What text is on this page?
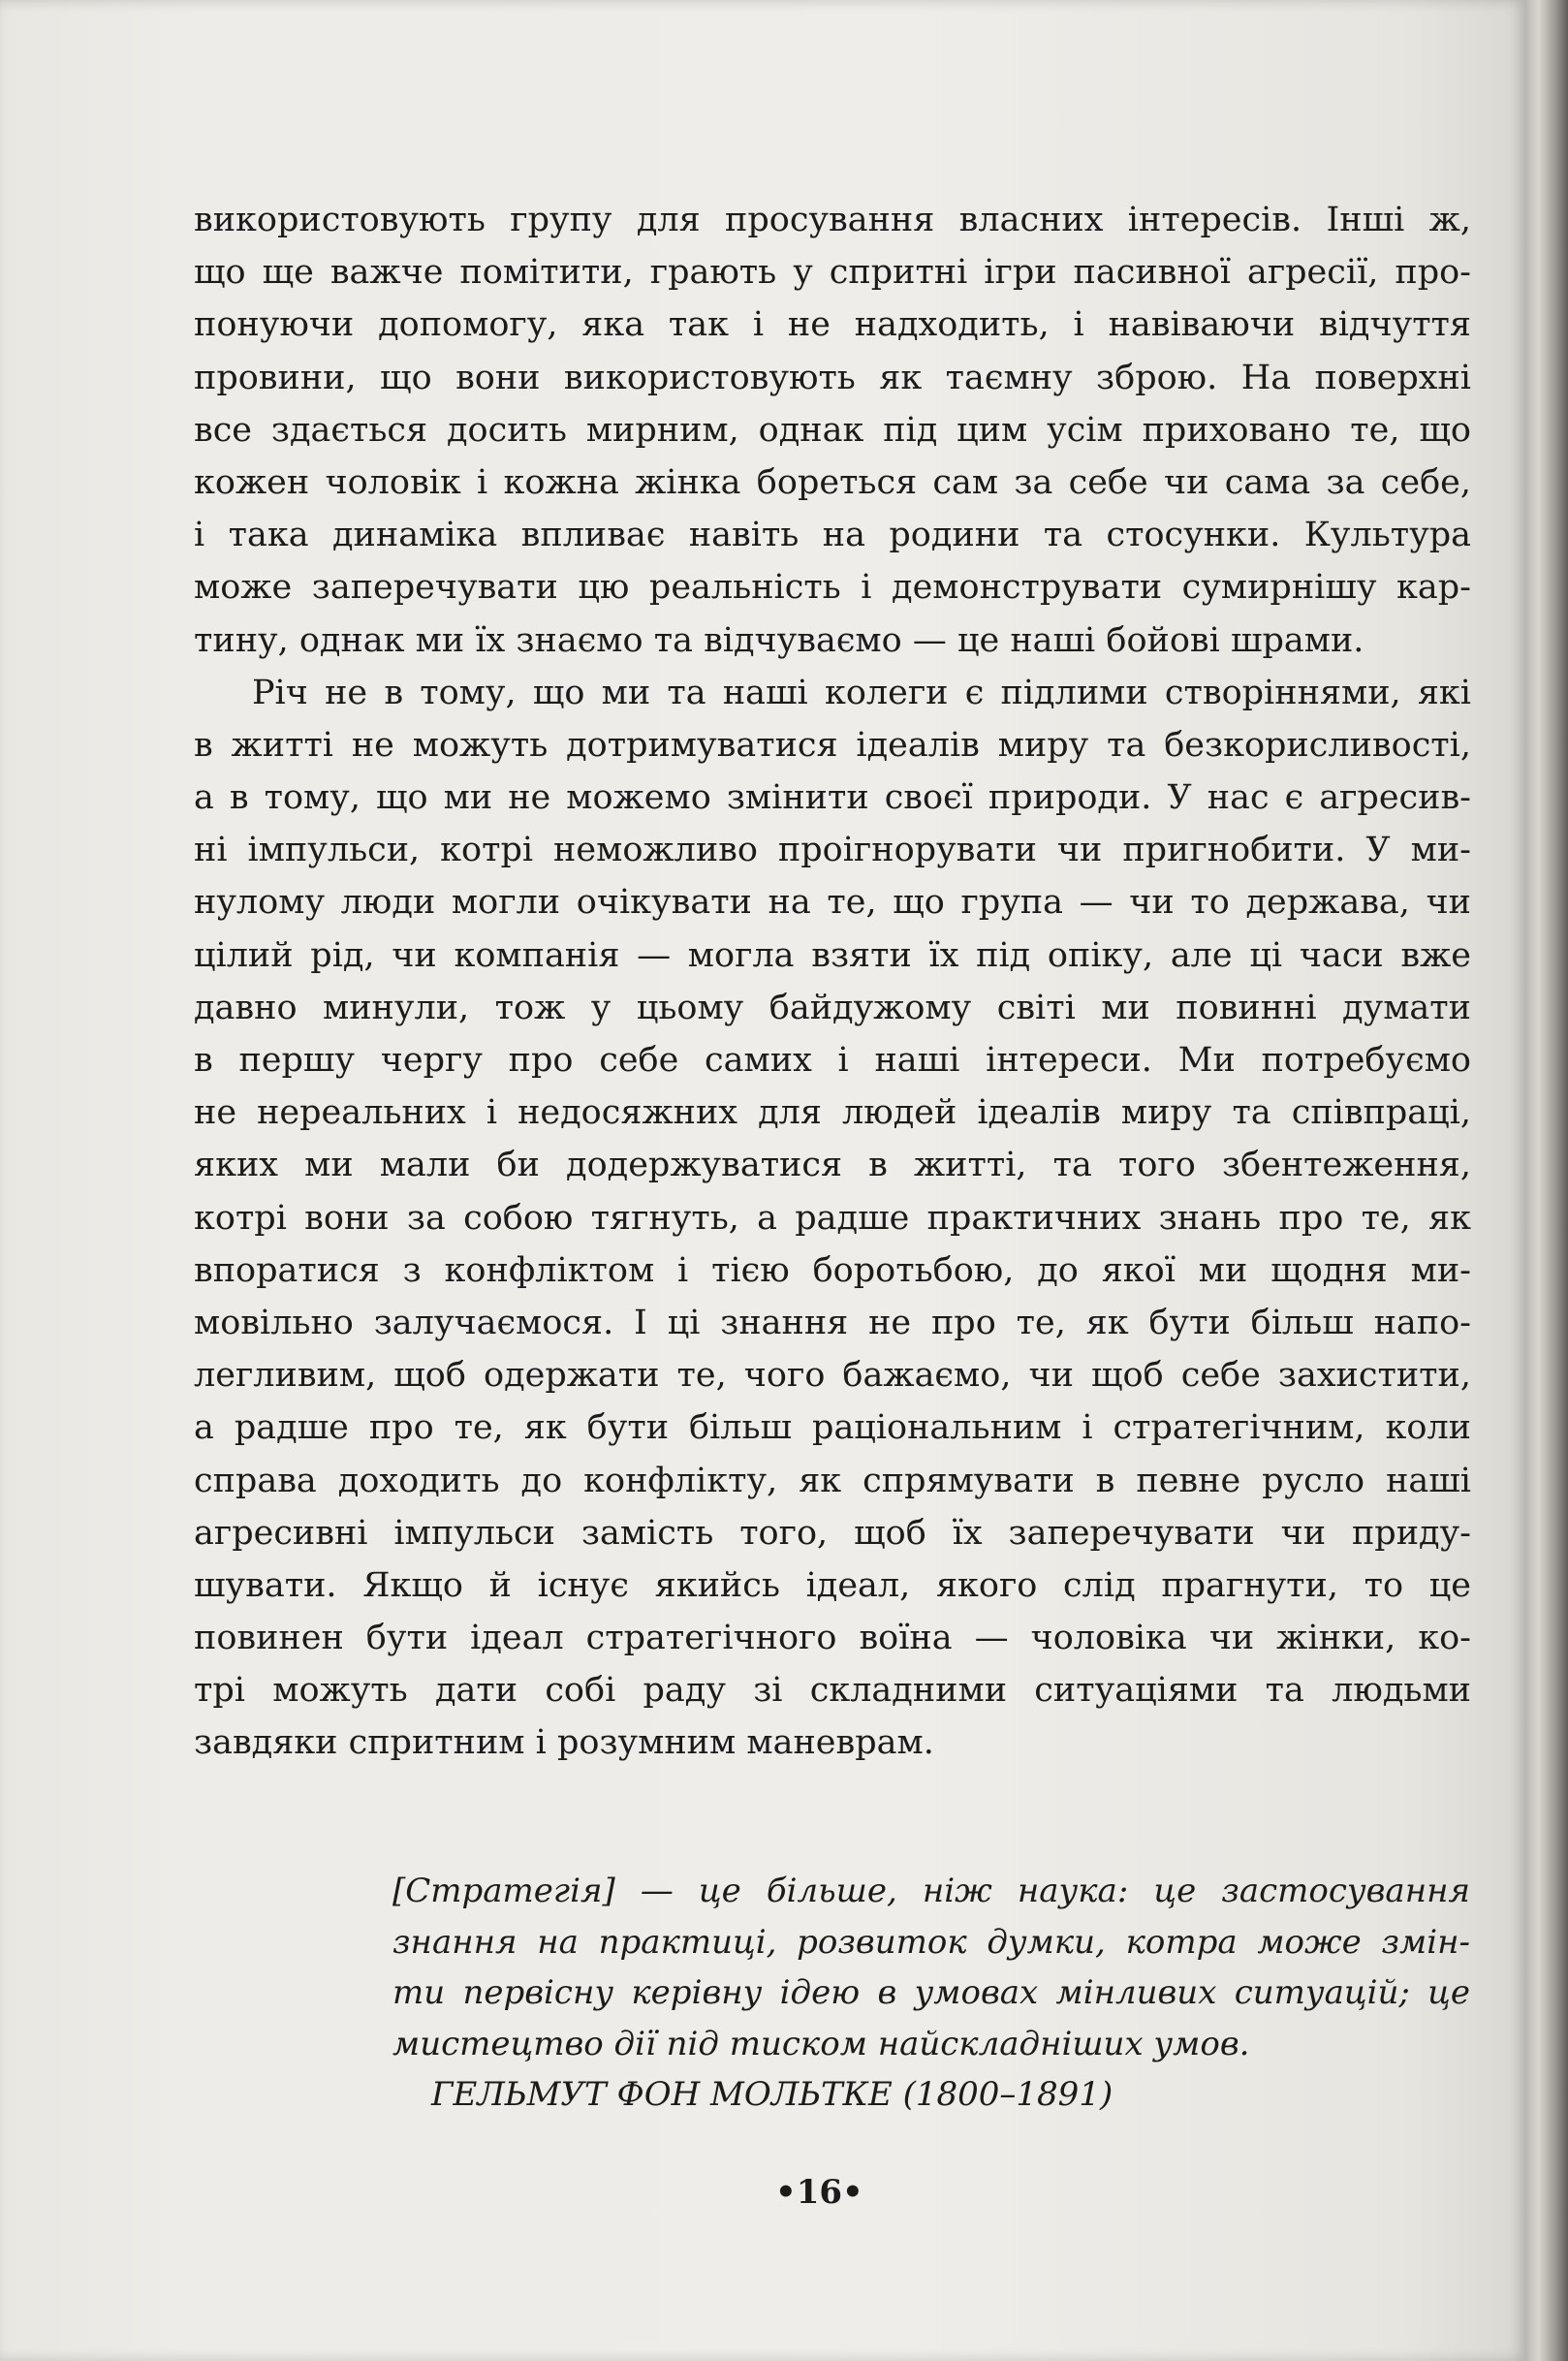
використовують групу для просування власних інтересів. Інші ж,
що ще важче помітити, грають у спритні ігри пасивної агресії, про-
понуючи допомогу, яка так і не надходить, і навіваючи відчуття
провини, що вони використовують як таємну зброю. На поверхні
все здається досить мирним, однак під цим усім приховано те, що
кожен чоловік і кожна жінка бореться сам за себе чи сама за себе,
і така динаміка впливає навіть на родини та стосунки. Культура
може заперечувати цю реальність і демонструвати сумирнішу кар-
тину, однак ми їх знаємо та відчуваємо — це наші бойові шрами.
Річ не в тому, що ми та наші колеги є підлими створіннями, які
в житті не можуть дотримуватися ідеалів миру та безкорисливості,
а в тому, що ми не можемо змінити своєї природи. У нас є агресив-
ні імпульси, котрі неможливо проігнорувати чи пригнобити. У ми-
нулому люди могли очікувати на те, що група — чи то держава, чи
цілий рід, чи компанія — могла взяти їх під опіку, але ці часи вже
давно минули, тож у цьому байдужому світі ми повинні думати
в першу чергу про себе самих і наші інтереси. Ми потребуємо
не нереальних і недосяжних для людей ідеалів миру та співпраці,
яких ми мали би додержуватися в житті, та того збентеження,
котрі вони за собою тягнуть, а радше практичних знань про те, як
впоратися з конфліктом і тією боротьбою, до якої ми щодня ми-
мовільно залучаємося. І ці знання не про те, як бути більш напо-
легливим, щоб одержати те, чого бажаємо, чи щоб себе захистити,
а радше про те, як бути більш раціональним і стратегічним, коли
справа доходить до конфлікту, як спрямувати в певне русло наші
агресивні імпульси замість того, щоб їх заперечувати чи приду-
шувати. Якщо й існує якийсь ідеал, якого слід прагнути, то це
повинен бути ідеал стратегічного воїна — чоловіка чи жінки, ко-
трі можуть дати собі раду зі складними ситуаціями та людьми
завдяки спритним і розумним маневрам.
[Стратегія] — це більше, ніж наука: це застосування
знання на практиці, розвиток думки, котра може змін-
ти первісну керівну ідею в умовах мінливих ситуацій; це
мистецтво дії під тиском найскладніших умов.
ГЕЛЬМУТ ФОН МОЛЬТКЕ (1800–1891)
•16•
